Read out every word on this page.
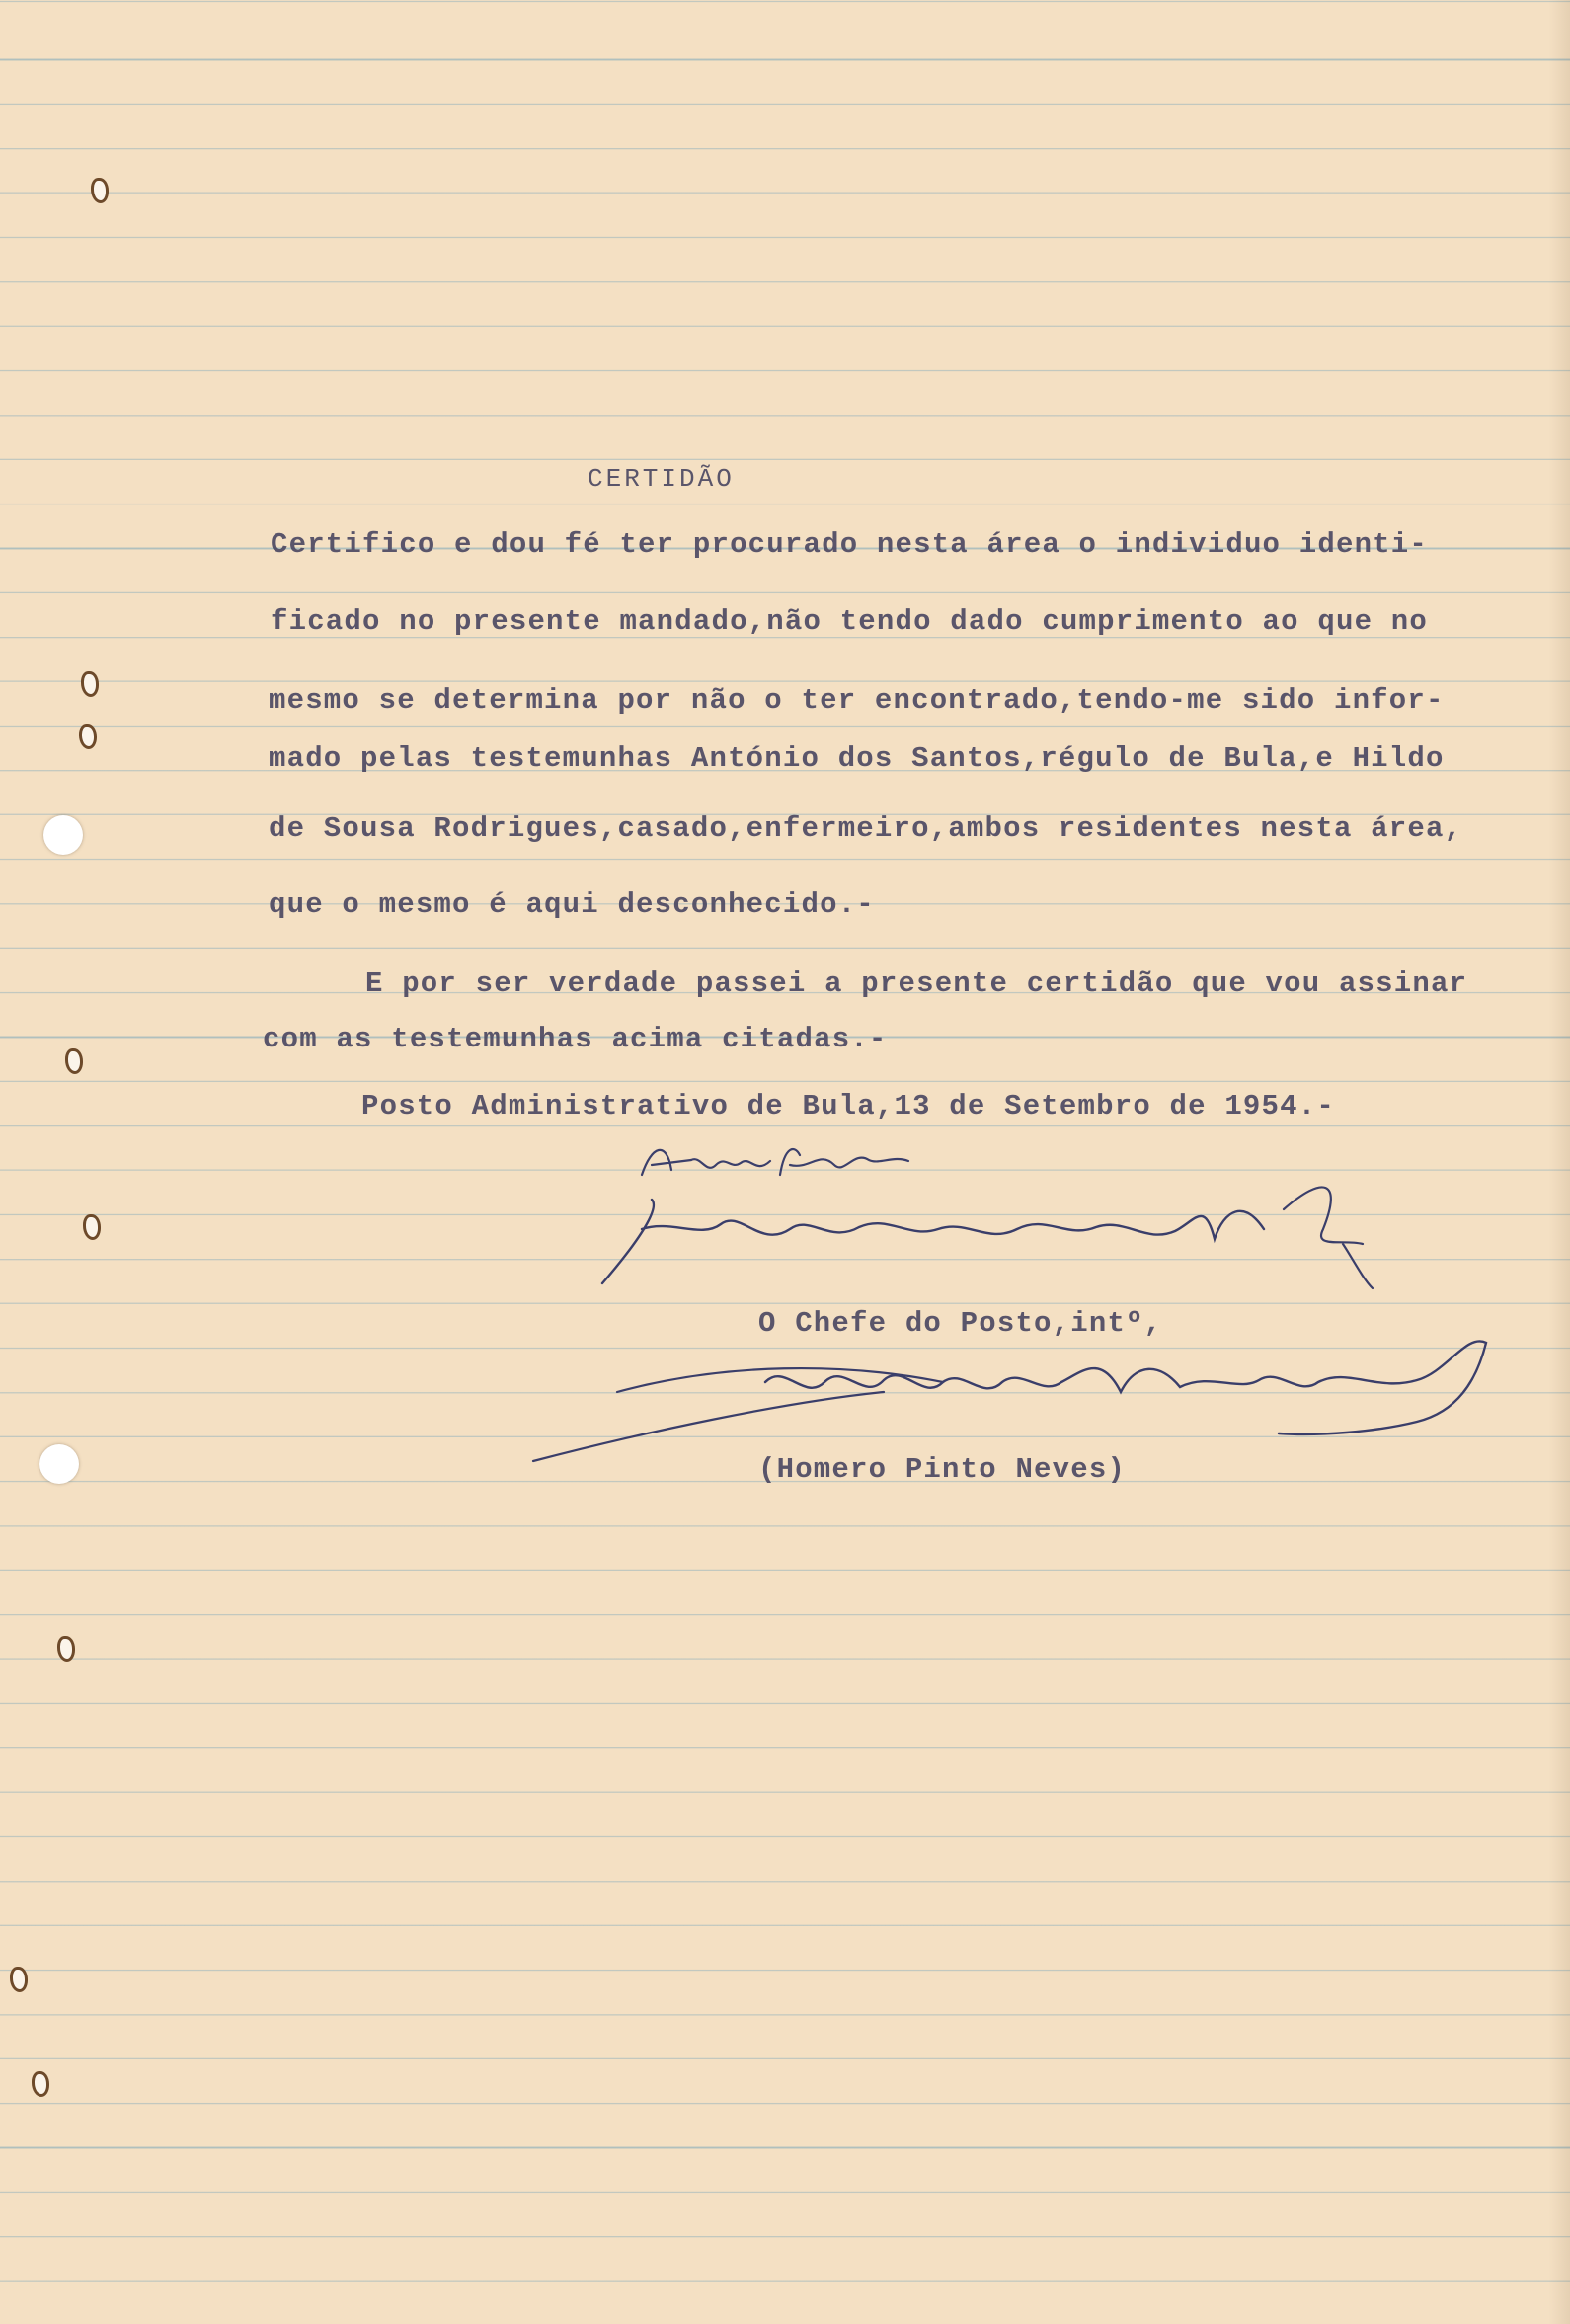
CERTIDÃO
Certifico e dou fé ter procurado nesta área o individuo identi-
ficado no presente mandado,não tendo dado cumprimento ao que no
mesmo se determina por não o ter encontrado,tendo-me sido infor-
mado pelas testemunhas António dos Santos,régulo de Bula,e Hildo
de Sousa Rodrigues,casado,enfermeiro,ambos residentes nesta área,
que o mesmo é aqui desconhecido.-
E por ser verdade passei a presente certidão que vou assinar
com as testemunhas acima citadas.-
Posto Administrativo de Bula,13 de Setembro de 1954.-
O Chefe do Posto,intº,
(Homero Pinto Neves)
